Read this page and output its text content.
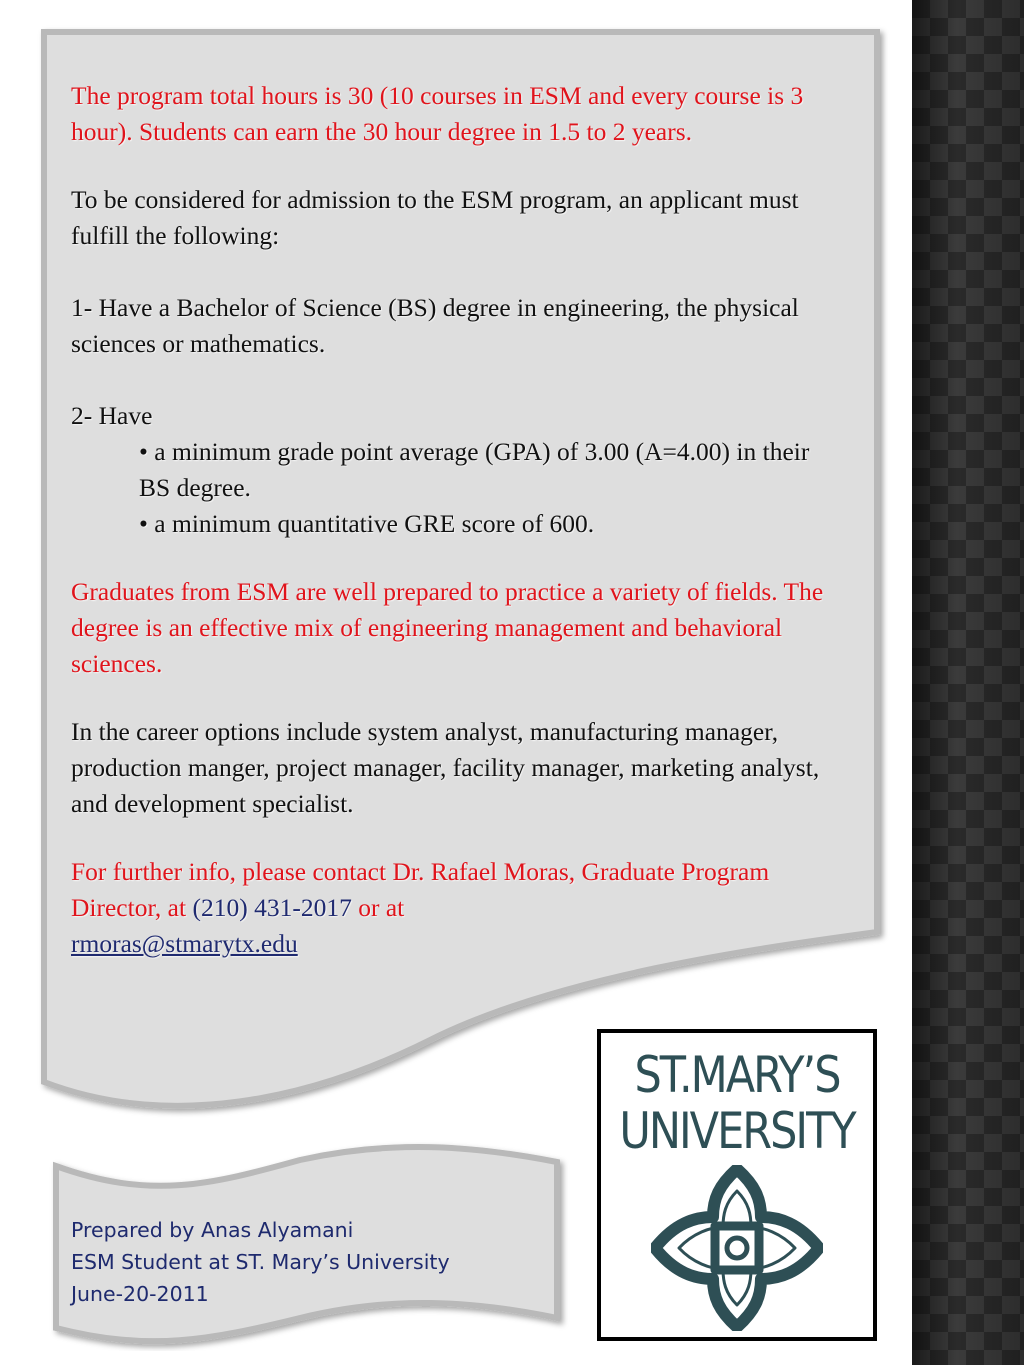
The program total hours is 30 (10 courses in ESM and every course is 3 hour). Students can earn the 30 hour degree in 1.5 to 2 years.

To be considered for admission to the ESM program, an applicant must fulfill the following:

1- Have a Bachelor of Science (BS) degree in engineering, the physical sciences or mathematics.

2- Have

• a minimum grade point average (GPA) of 3.00 (A=4.00) in their BS degree.

• a minimum quantitative GRE score of 600.

Graduates from ESM are well prepared to practice a variety of fields. The degree is an effective mix of engineering management and behavioral sciences.

In the career options include system analyst, manufacturing manager, production manger, project manager, facility manager, marketing analyst, and development specialist.

For further info, please contact Dr. Rafael Moras, Graduate Program Director, at (210) 431-2017 or at
rmoras@stmarytx.edu

Prepared by Anas Alyamani
ESM Student at ST. Mary’s University
June-20-2011
ST.MARY’S
UNIVERSITY
